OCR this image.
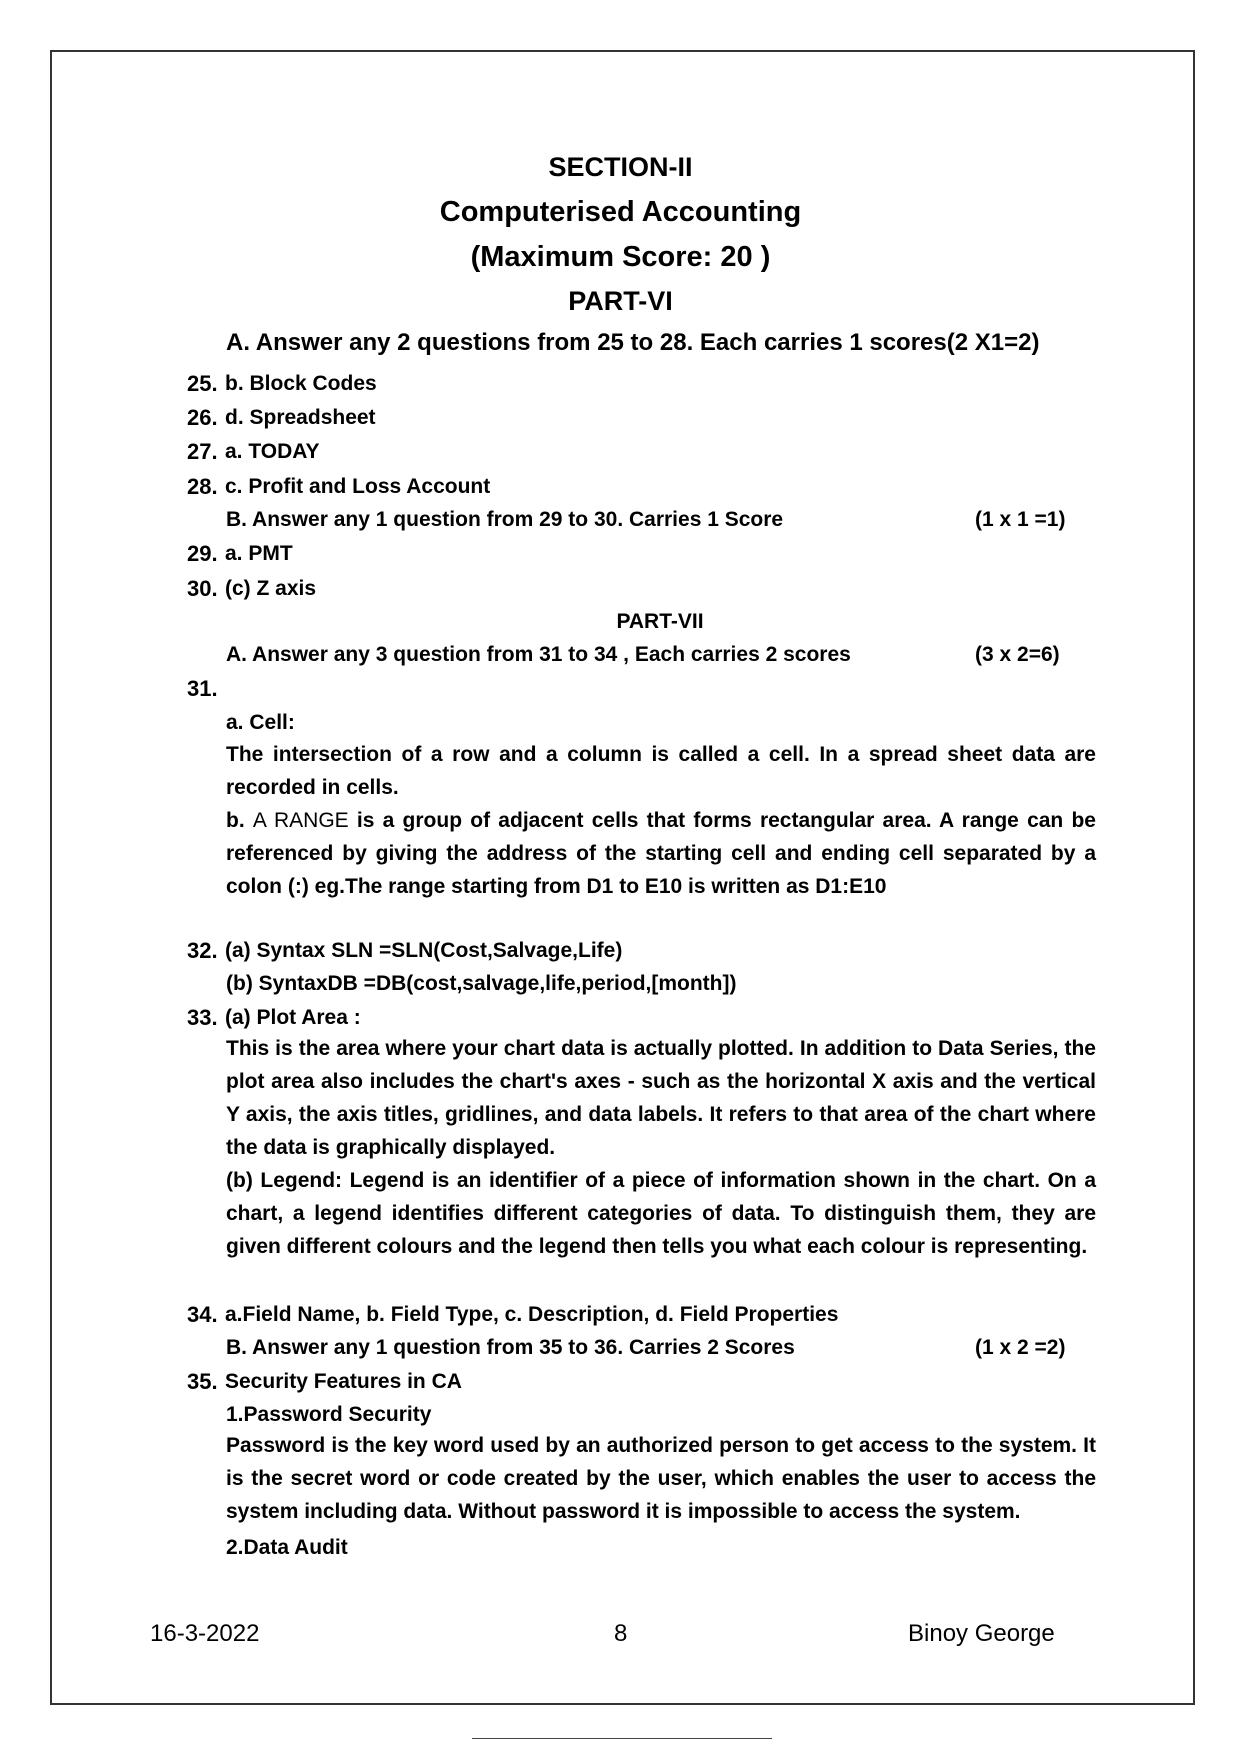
SECTION-II
Computerised Accounting
(Maximum Score: 20 )
PART-VI
A. Answer any 2 questions from 25 to 28. Each carries 1 scores(2 X1=2)
25. b. Block Codes
26. d. Spreadsheet
27. a. TODAY
28. c. Profit and Loss Account
B. Answer any 1 question from 29 to 30. Carries 1 Score	(1 x 1 =1)
29. a. PMT
30. (c) Z axis
PART-VII
A. Answer any 3 question from 31 to 34 , Each carries 2 scores	(3 x 2=6)
31.
a. Cell:
The intersection of a row and a column is called a cell. In a spread sheet data are recorded in cells.
b. A RANGE is a group of adjacent cells that forms rectangular area. A range can be referenced by giving the address of the starting cell and ending cell separated by a colon (:) eg.The range starting from D1 to E10 is written as D1:E10
32. (a) Syntax SLN =SLN(Cost,Salvage,Life)
(b) SyntaxDB =DB(cost,salvage,life,period,[month])
33. (a) Plot Area :
This is the area where your chart data is actually plotted. In addition to Data Series, the plot area also includes the chart's axes - such as the horizontal X axis and the vertical Y axis, the axis titles, gridlines, and data labels. It refers to that area of the chart where the data is graphically displayed.
(b) Legend: Legend is an identifier of a piece of information shown in the chart. On a chart, a legend identifies different categories of data. To distinguish them, they are given different colours and the legend then tells you what each colour is representing.
34. a.Field Name, b. Field Type, c. Description, d. Field Properties
B. Answer any 1 question from 35 to 36. Carries 2 Scores	(1 x 2 =2)
35. Security Features in CA
1.Password Security
Password is the key word used by an authorized person to get access to the system. It is the secret word or code created by the user, which enables the user to access the system including data. Without password it is impossible to access the system.
2.Data Audit
16-3-2022	8	Binoy George
